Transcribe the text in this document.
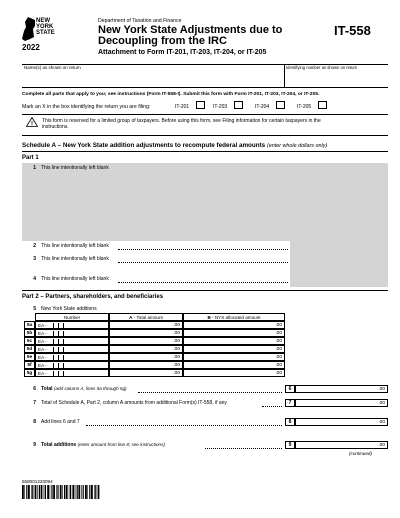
NEW
YORK
STATE
2022
Department of Taxation and Finance
New York State Adjustments due to
Decoupling from the IRC
Attachment to Form IT-201, IT-203, IT-204, or IT-205
IT-558
Name(s) as shown on return	Identifying number as shown on return
Complete all parts that apply to you; see instructions (Form IT-558-I). Submit this form with Form IT-201, IT-203, IT-204, or IT-205.
Mark an X in the box identifying the return you are filing:	IT-201	IT-203	IT-204	IT-205
!
This form is reserved for a limited group of taxpayers. Before using this form, see Filing information for certain taxpayers in the
instructions.
Schedule A – New York State addition adjustments to recompute federal amounts (enter whole dollars only)
Part 1
1 This line intentionally left blank
2 This line intentionally left blank
3 This line intentionally left blank
4 This line intentionally left blank
Part 2 – Partners, shareholders, and beneficiaries
5 New York State additions
Number	A - Total amount	B - NYS allocated amount
5a	EA -	.00	.00
5b	EA -	.00	.00
5c	EA -	.00	.00
5d	EA -	.00	.00
5e	EA -	.00	.00
5f	EA -	.00	.00
5g	EA -	.00	.00
6 Total (add column A, lines 5a through 5g)	6	.00
7 Total of Schedule A, Part 2, column A amounts from additional Form(s) IT-558, if any	7	.00
8 Add lines 6 and 7	8	.00
9 Total additions (enter amount from line 8; see instructions)	9	.00
(continued)
558001220094
